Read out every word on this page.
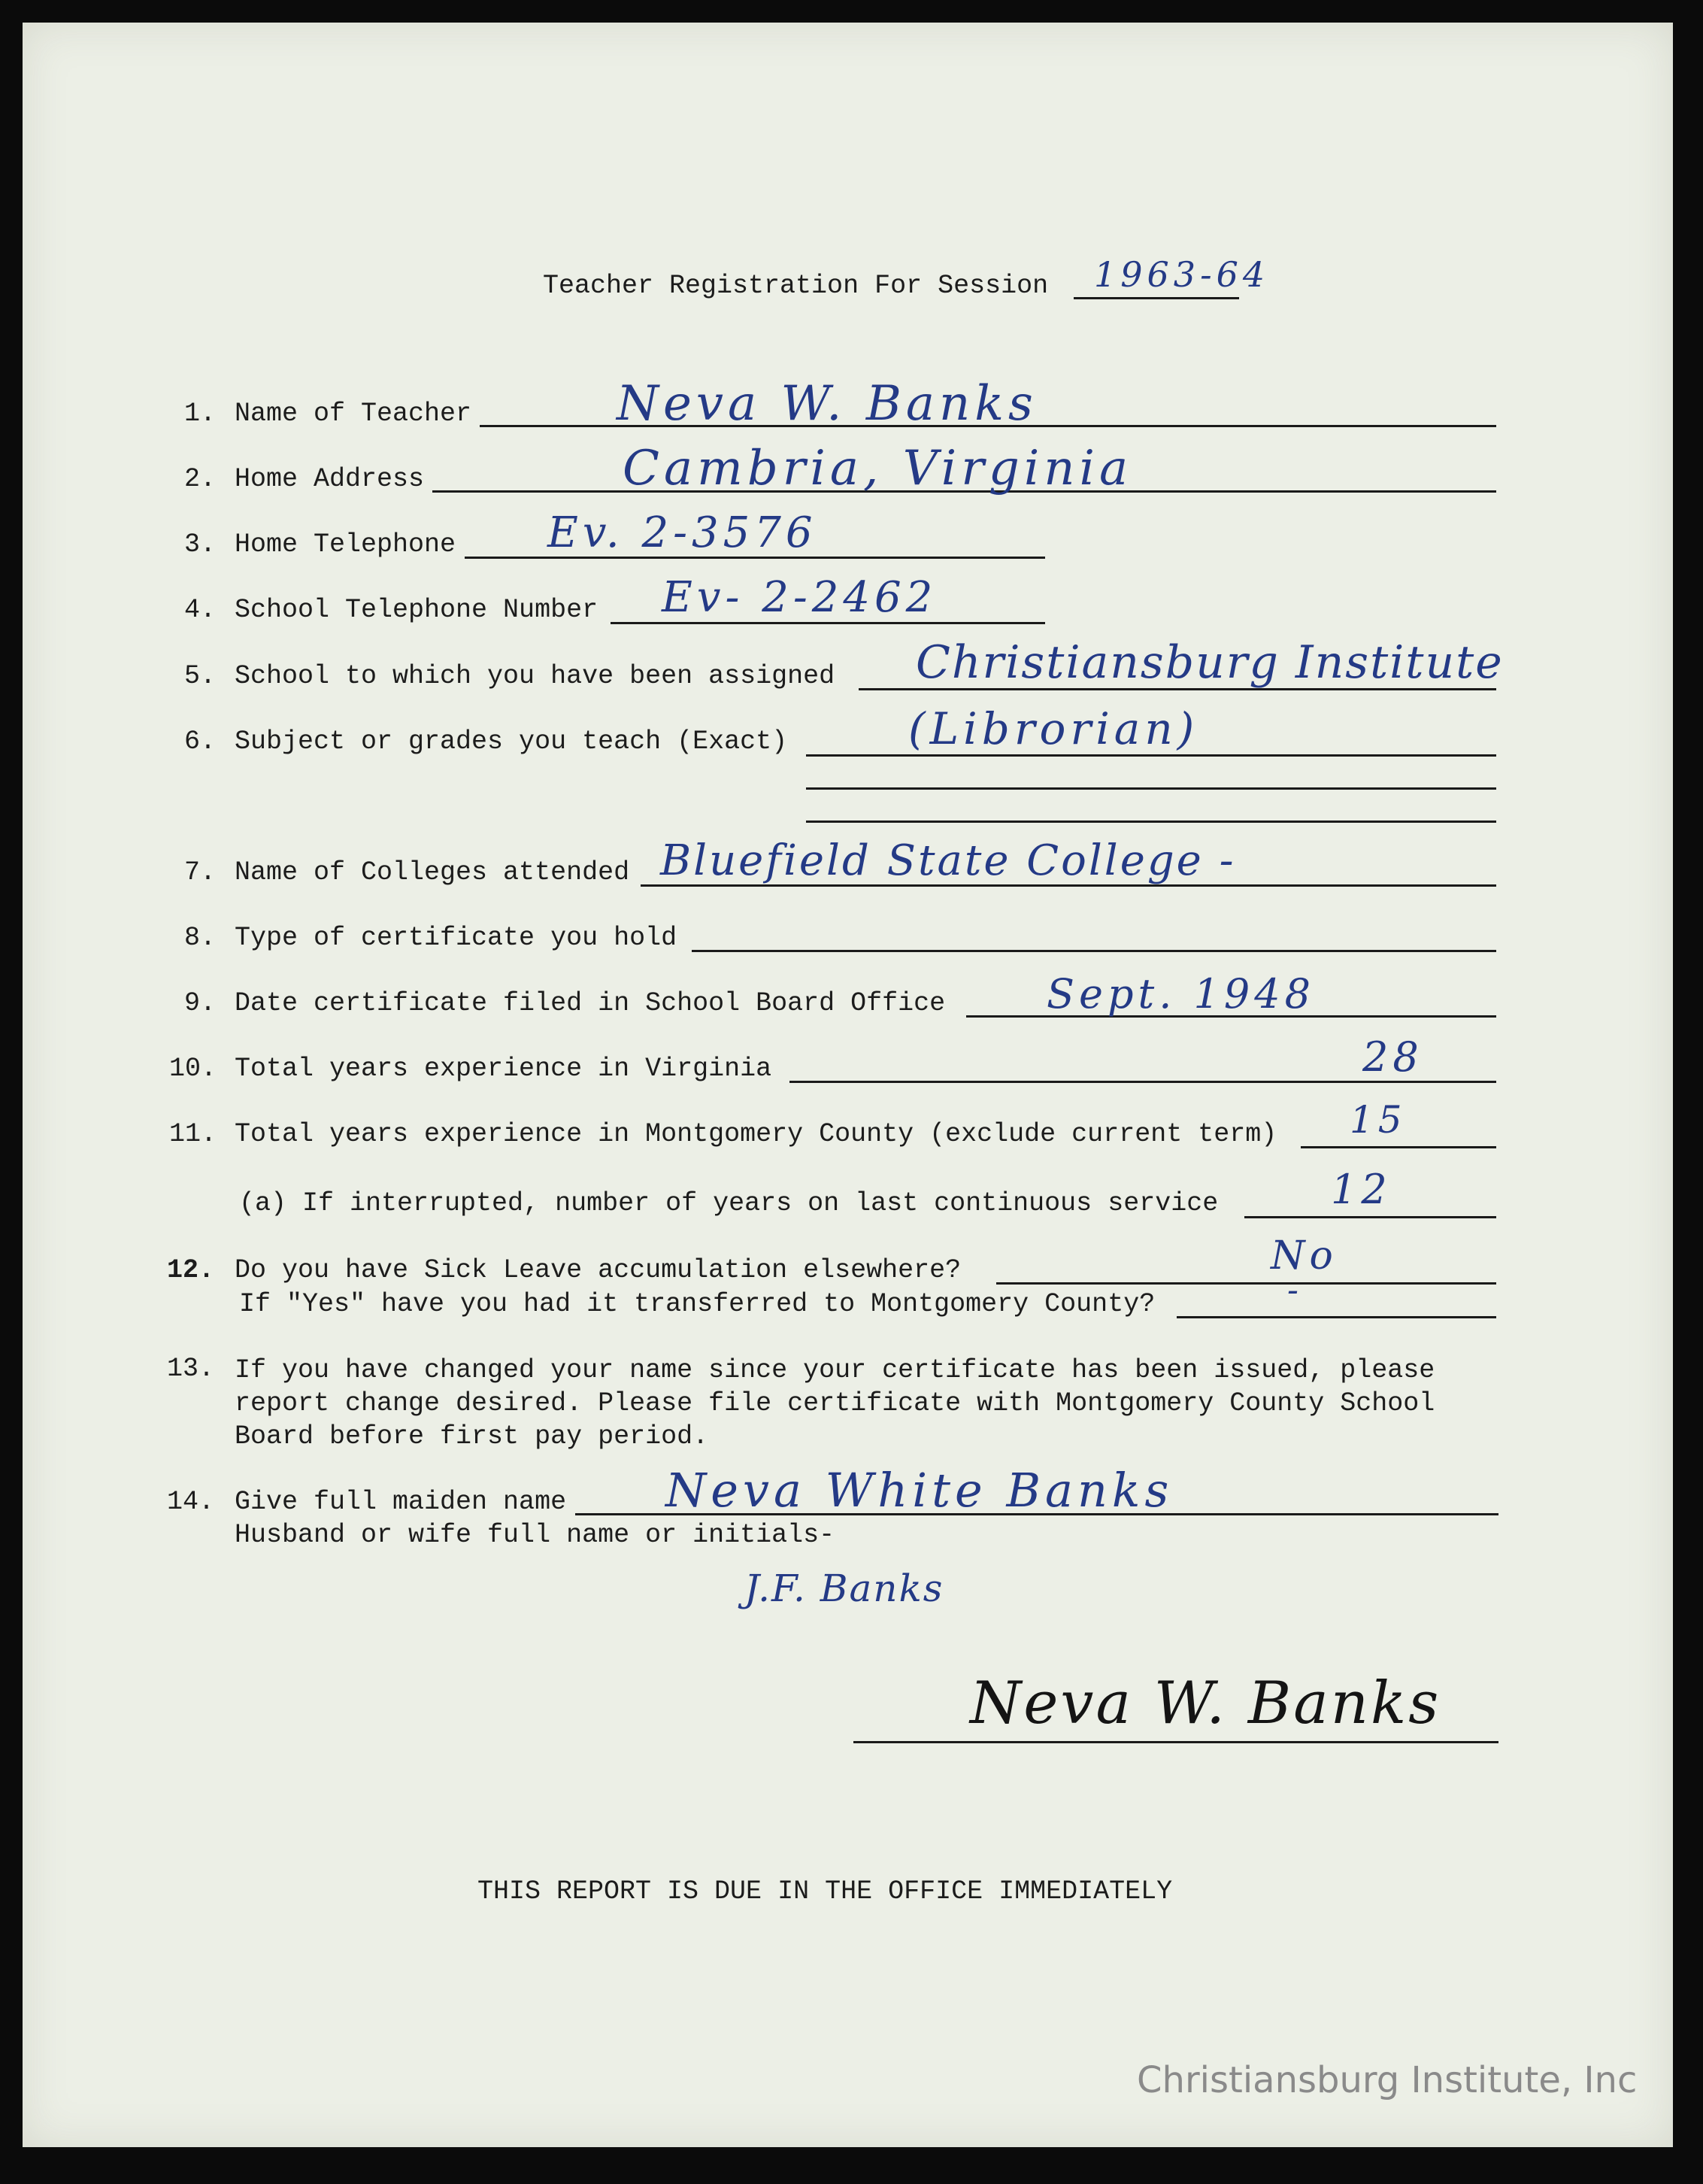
Teacher Registration For Session 1963-64
1. Name of Teacher	Neva W. Banks
2. Home Address	Cambria, Virginia
3. Home Telephone Ev. 2-3576
4. School Telephone Number Ev- 2-2462
5. School to which you have been assigned Christiansburg Institute
6. Subject or grades you teach (Exact)	(Librorian)
7. Name of Colleges attended Bluefield State College -
8. Type of certificate you hold
9. Date certificate filed in School Board Office Sept. 1948
10. Total years experience in Virginia	28
11. Total years experience in Montgomery County (exclude current term) 15
(a) If interrupted, number of years on last continuous service	12
12. Do you have Sick Leave accumulation elsewhere?	No
If "Yes" have you had it transferred to Montgomery County?	-
13. If you have changed your name since your certificate has been issued, please
report change desired. Please file certificate with Montgomery County School
Board before first pay period.
14. Give full maiden name Neva White Banks
Husband or wife full name or initials-
J.F. Banks
Neva W. Banks
THIS REPORT IS DUE IN THE OFFICE IMMEDIATELY
Christiansburg Institute, Inc
